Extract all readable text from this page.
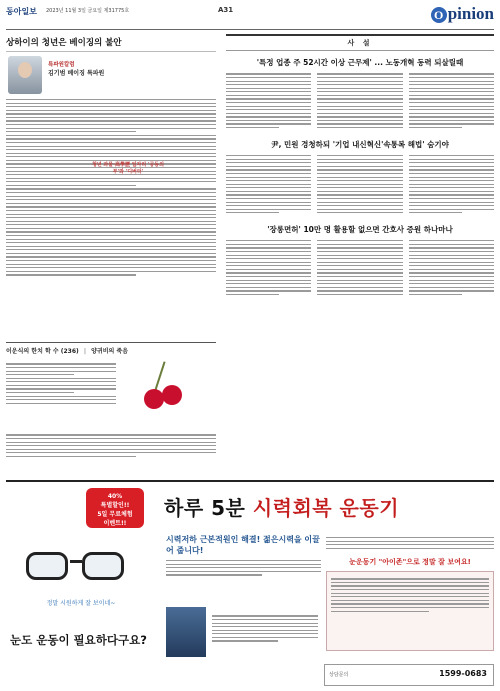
동아일보 2023년 11월 3일 금요일 제31775호	A31	O pinion
상하이의 청년은 베이징의 불안
특파원칼럼
김기범 베이징 특파원
청년 과물·高學歷 일자리 '공동의 부'와 '디버터'
이운식의 한치 학 수 (236) | 양귀비의 죽음
사 설
'특정 업종 주 52시간 이상 근무제' ... 노동개혁 동력 되살릴때
尹, 민원 경청하되 '기업 내신혁신'속통복 해법' 숨기야
'장롱면허' 10만 명 활용할 없으면 간호사 증원 하나마나
40%
특별할인!!
5일 무료체험
이벤트!!
하루 5분 시력회복 운동기
정말 시원하게 잘 보이네~
눈도 운동이 필요하다구요?
시력저하 근본적원인 해결! 젊은시력을 이끌어 줍니다!
눈운동기 "아이존"으로 정말 잘 보여요!
상담문의	1599-0683
